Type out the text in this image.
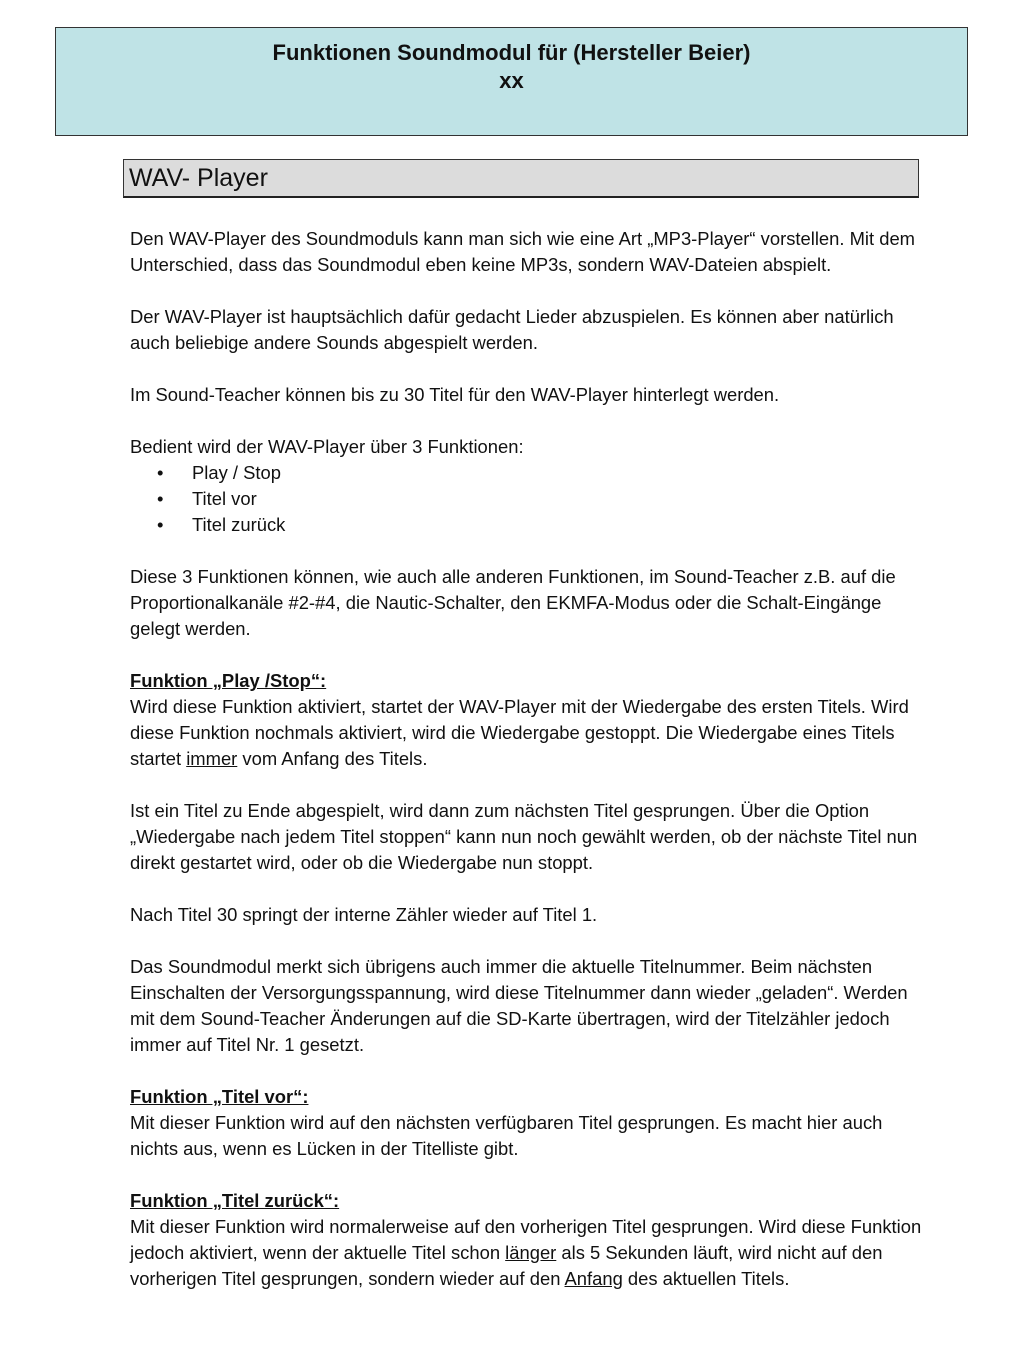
Funktionen Soundmodul für (Hersteller Beier)
xx
WAV- Player

Den WAV-Player des Soundmoduls kann man sich wie eine Art „MP3-Player“ vorstellen. Mit dem Unterschied, dass das Soundmodul eben keine MP3s, sondern WAV-Dateien abspielt.

Der WAV-Player ist hauptsächlich dafür gedacht Lieder abzuspielen. Es können aber natürlich auch beliebige andere Sounds abgespielt werden.

Im Sound-Teacher können bis zu 30 Titel für den WAV-Player hinterlegt werden.

Bedient wird der WAV-Player über 3 Funktionen:

• Play / Stop
• Titel vor
• Titel zurück

Diese 3 Funktionen können, wie auch alle anderen Funktionen, im Sound-Teacher z.B. auf die Proportionalkanäle #2-#4, die Nautic-Schalter, den EKMFA-Modus oder die Schalt-Eingänge gelegt werden.

Funktion „Play /Stop“:

Wird diese Funktion aktiviert, startet der WAV-Player mit der Wiedergabe des ersten Titels. Wird diese Funktion nochmals aktiviert, wird die Wiedergabe gestoppt. Die Wiedergabe eines Titels startet immer vom Anfang des Titels.

Ist ein Titel zu Ende abgespielt, wird dann zum nächsten Titel gesprungen. Über die Option „Wiedergabe nach jedem Titel stoppen“ kann nun noch gewählt werden, ob der nächste Titel nun direkt gestartet wird, oder ob die Wiedergabe nun stoppt.

Nach Titel 30 springt der interne Zähler wieder auf Titel 1.

Das Soundmodul merkt sich übrigens auch immer die aktuelle Titelnummer. Beim nächsten Einschalten der Versorgungsspannung, wird diese Titelnummer dann wieder „geladen“. Werden mit dem Sound-Teacher Änderungen auf die SD-Karte übertragen, wird der Titelzähler jedoch immer auf Titel Nr. 1 gesetzt.

Funktion „Titel vor“:

Mit dieser Funktion wird auf den nächsten verfügbaren Titel gesprungen. Es macht hier auch nichts aus, wenn es Lücken in der Titelliste gibt.

Funktion „Titel zurück“:

Mit dieser Funktion wird normalerweise auf den vorherigen Titel gesprungen. Wird diese Funktion jedoch aktiviert, wenn der aktuelle Titel schon länger als 5 Sekunden läuft, wird nicht auf den vorherigen Titel gesprungen, sondern wieder auf den Anfang des aktuellen Titels.
